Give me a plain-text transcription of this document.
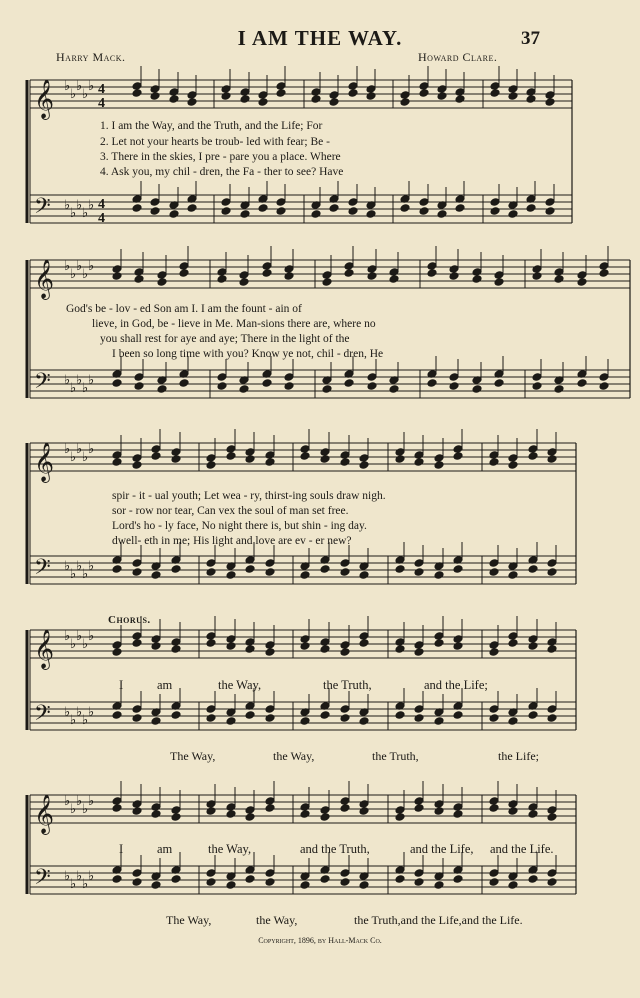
𝄞
𝄢
♭
♭
♭
♭
♭
♭
♭
♭
♭
♭
4
4
4
4
𝄞
𝄢
♭
♭
♭
♭
♭
♭
♭
♭
♭
♭
𝄞
𝄢
♭
♭
♭
♭
♭
♭
♭
♭
♭
♭
𝄞
𝄢
♭
♭
♭
♭
♭
♭
♭
♭
♭
♭
𝄞
𝄢
♭
♭
♭
♭
♭
♭
♭
♭
♭
♭
I AM THE WAY.	37
Harry Mack.	Howard Clare.
1. I am the Way, and the Truth, and the Life; For
2. Let not your hearts be troub- led with fear; Be -
3. There in the skies, I pre - pare you a place. Where
4. Ask you, my chil - dren, the Fa - ther to see? Have
God's be - lov - ed Son am I. I am the fount - ain of
lieve, in God, be - lieve in Me. Man-sions there are, where no
you shall rest for aye and aye; There in the light of the
I been so long time with you? Know ye not, chil - dren, He
spir - it - ual youth; Let wea - ry, thirst-ing souls draw nigh.
sor - row nor tear, Can vex the soul of man set free.
Lord's ho - ly face, No night there is, but shin - ing day.
dwell- eth in me; His light and love are ev - er new?
Chorus.
I	am	the Way,	the Truth,	and the Life;
The Way,	the Way,	the Truth,	the Life;
I	am	the Way,	and the Truth,	and the Life, and the Life.
The Way,	the Way,	the Truth,and the Life,and the Life.
Copyright, 1896, by Hall-Mack Co.
